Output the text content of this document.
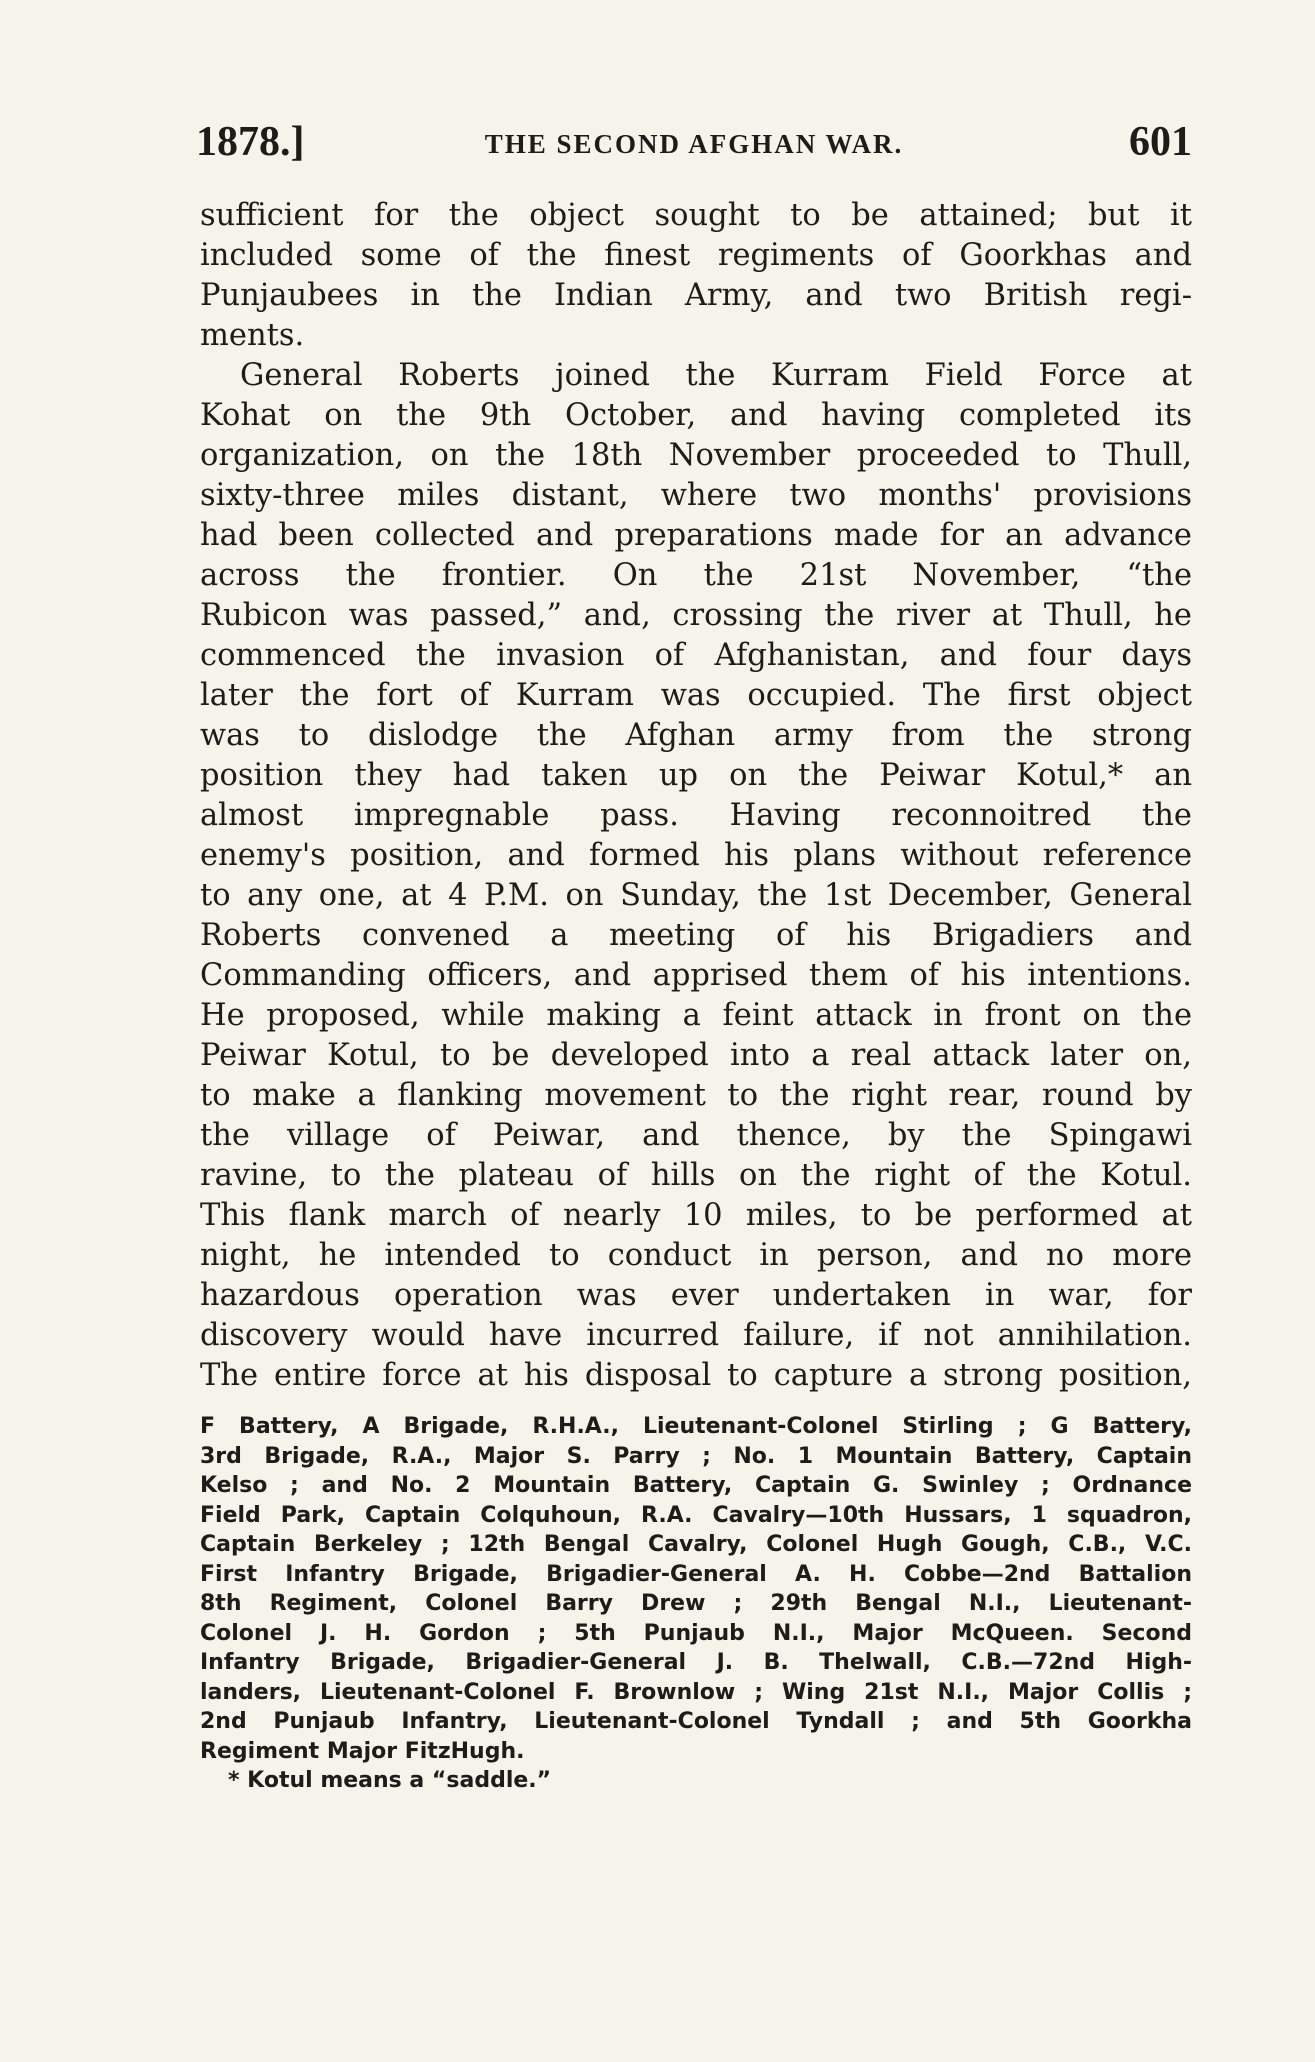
1878.]	THE SECOND AFGHAN WAR.	601
sufficient for the object sought to be attained; but it
included some of the finest regiments of Goorkhas and
Punjaubees in the Indian Army, and two British regi-
ments.
General Roberts joined the Kurram Field Force at
Kohat on the 9th October, and having completed its
organization, on the 18th November proceeded to Thull,
sixty-three miles distant, where two months' provisions
had been collected and preparations made for an advance
across the frontier. On the 21st November, “the
Rubicon was passed,” and, crossing the river at Thull, he
commenced the invasion of Afghanistan, and four days
later the fort of Kurram was occupied. The first object
was to dislodge the Afghan army from the strong
position they had taken up on the Peiwar Kotul,* an
almost impregnable pass. Having reconnoitred the
enemy's position, and formed his plans without reference
to any one, at 4 P.M. on Sunday, the 1st December, General
Roberts convened a meeting of his Brigadiers and
Commanding officers, and apprised them of his intentions.
He proposed, while making a feint attack in front on the
Peiwar Kotul, to be developed into a real attack later on,
to make a flanking movement to the right rear, round by
the village of Peiwar, and thence, by the Spingawi
ravine, to the plateau of hills on the right of the Kotul.
This flank march of nearly 10 miles, to be performed at
night, he intended to conduct in person, and no more
hazardous operation was ever undertaken in war, for
discovery would have incurred failure, if not annihilation.
The entire force at his disposal to capture a strong position,
F Battery, A Brigade, R.H.A., Lieutenant-Colonel Stirling ; G Battery,
3rd Brigade, R.A., Major S. Parry ; No. 1 Mountain Battery, Captain
Kelso ; and No. 2 Mountain Battery, Captain G. Swinley ; Ordnance
Field Park, Captain Colquhoun, R.A. Cavalry—10th Hussars, 1 squadron,
Captain Berkeley ; 12th Bengal Cavalry, Colonel Hugh Gough, C.B., V.C.
First Infantry Brigade, Brigadier-General A. H. Cobbe—2nd Battalion
8th Regiment, Colonel Barry Drew ; 29th Bengal N.I., Lieutenant-
Colonel J. H. Gordon ; 5th Punjaub N.I., Major McQueen. Second
Infantry Brigade, Brigadier-General J. B. Thelwall, C.B.—72nd High-
landers, Lieutenant-Colonel F. Brownlow ; Wing 21st N.I., Major Collis ;
2nd Punjaub Infantry, Lieutenant-Colonel Tyndall ; and 5th Goorkha
Regiment Major FitzHugh.
* Kotul means a “saddle.”
